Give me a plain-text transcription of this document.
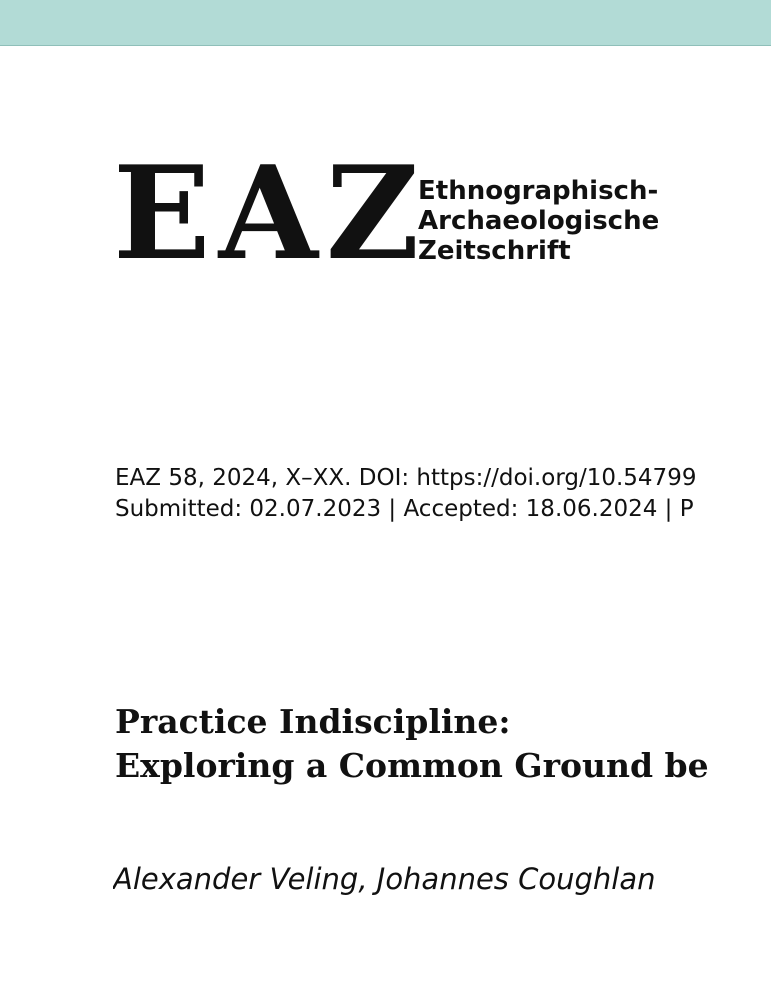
EAZ
Ethnographisch-
Archaeologische
Zeitschrift
EAZ 58, 2024, X–XX. DOI: https://doi.org/10.54799
Submitted: 02.07.2023 | Accepted: 18.06.2024 | P
Practice Indiscipline:
Exploring a Common Ground be
Alexander Veling, Johannes Coughlan
